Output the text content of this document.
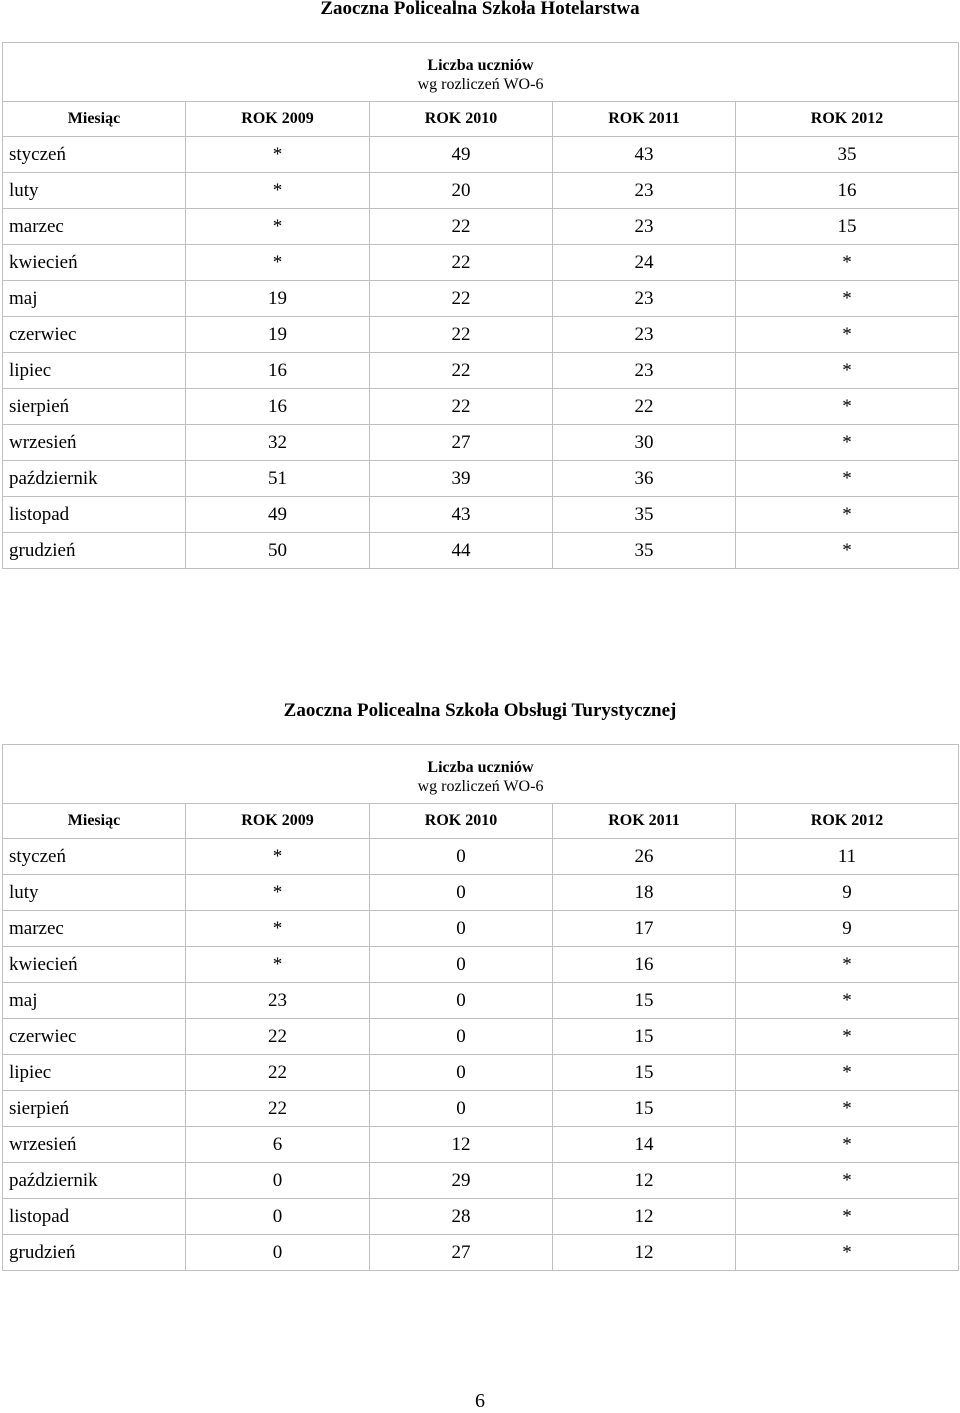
Zaoczna Policealna Szkoła Hotelarstwa
Liczba uczniów
wg rozliczeń WO-6				

Miesiąc	ROK 2009	ROK 2010	ROK 2011	ROK 2012
styczeń	*	49	43	35
luty	*	20	23	16
marzec	*	22	23	15
kwiecień	*	22	24	*
maj	19	22	23	*
czerwiec	19	22	23	*
lipiec	16	22	23	*
sierpień	16	22	22	*
wrzesień	32	27	30	*
październik	51	39	36	*
listopad	49	43	35	*
grudzień	50	44	35	*
Zaoczna Policealna Szkoła Obsługi Turystycznej
Liczba uczniów
wg rozliczeń WO-6				

Miesiąc	ROK 2009	ROK 2010	ROK 2011	ROK 2012
styczeń	*	0	26	11
luty	*	0	18	9
marzec	*	0	17	9
kwiecień	*	0	16	*
maj	23	0	15	*
czerwiec	22	0	15	*
lipiec	22	0	15	*
sierpień	22	0	15	*
wrzesień	6	12	14	*
październik	0	29	12	*
listopad	0	28	12	*
grudzień	0	27	12	*
6
